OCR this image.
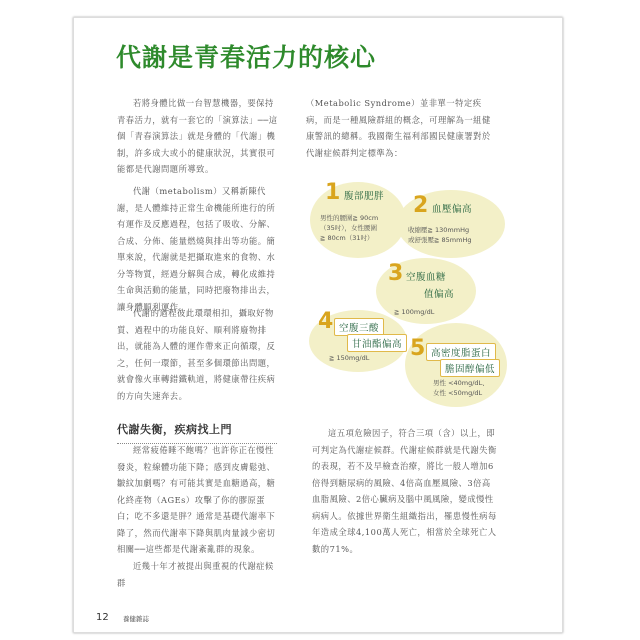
代謝是青春活力的核心

若將身體比做一台智慧機器，要保持青春活力，就有一套它的「演算法」──這個「青春演算法」就是身體的「代謝」機制，許多成大或小的健康狀況，其實很可能都是代謝問題所導致。

代謝（metabolism）又稱新陳代謝，是人體維持正常生命機能所進行的所有運作及反應過程，包括了吸收、分解、合成、分佈、能量燃燒與排出等功能。簡單來說，代謝就是把攝取進來的食物、水分等物質，經過分解與合成，轉化成維持生命與活動的能量，同時把廢物排出去，讓身體順利運作。

代謝的過程彼此環環相扣，攝取好物質、過程中的功能良好、順利將廢物排出，就能為人體的運作帶來正向循環，反之，任何一環節，甚至多個環節出問題，就會像火車轉錯鐵軌道，將健康帶往疾病的方向失速奔去。

代謝失衡，疾病找上門

經常疲倦睡不飽嗎？也許你正在慢性發炎，粒線體功能下降；感到皮膚鬆弛、皺紋加劇嗎？有可能其實是血糖過高，糖化終產物（AGEs）攻擊了你的膠原蛋白；吃不多還是胖？通常是基礎代謝率下降了，然而代謝率下降與肌肉量減少密切相關──這些都是代謝紊亂群的現象。

近幾十年才被提出與重視的代謝症候群

（Metabolic Syndrome）並非單一特定疾病，而是一種風險群組的概念，可理解為一組健康警訊的總稱。我國衛生福利部國民健康署對於代謝症候群判定標準為：

1 腹部肥胖
男性的腰圍≧ 90cm
（35吋），女性腰圍
≧ 80cm（31吋）
2 血壓偏高
收縮壓≧ 130mmHg
或舒張壓≧ 85mmHg
3 空腹血糖
值偏高
≧ 100mg/dL
4 空腹三酸
甘油酯偏高
≧ 150mg/dL 5 高密度脂蛋白
膽固醇偏低
男性 <40mg/dL、
女性 <50mg/dL

這五項危險因子，符合三項（含）以上，即可判定為代謝症候群。代謝症候群就是代謝失衡的表現，若不及早檢查治療，將比一般人增加6倍得到糖尿病的風險、4倍高血壓風險、3倍高血脂風險、2倍心臟病及腦中風風險，變成慢性病病人。依據世界衛生組織指出，罹患慢性病每年造成全球4,100萬人死亡，相當於全球死亡人數的71%。

12 養健雜誌
